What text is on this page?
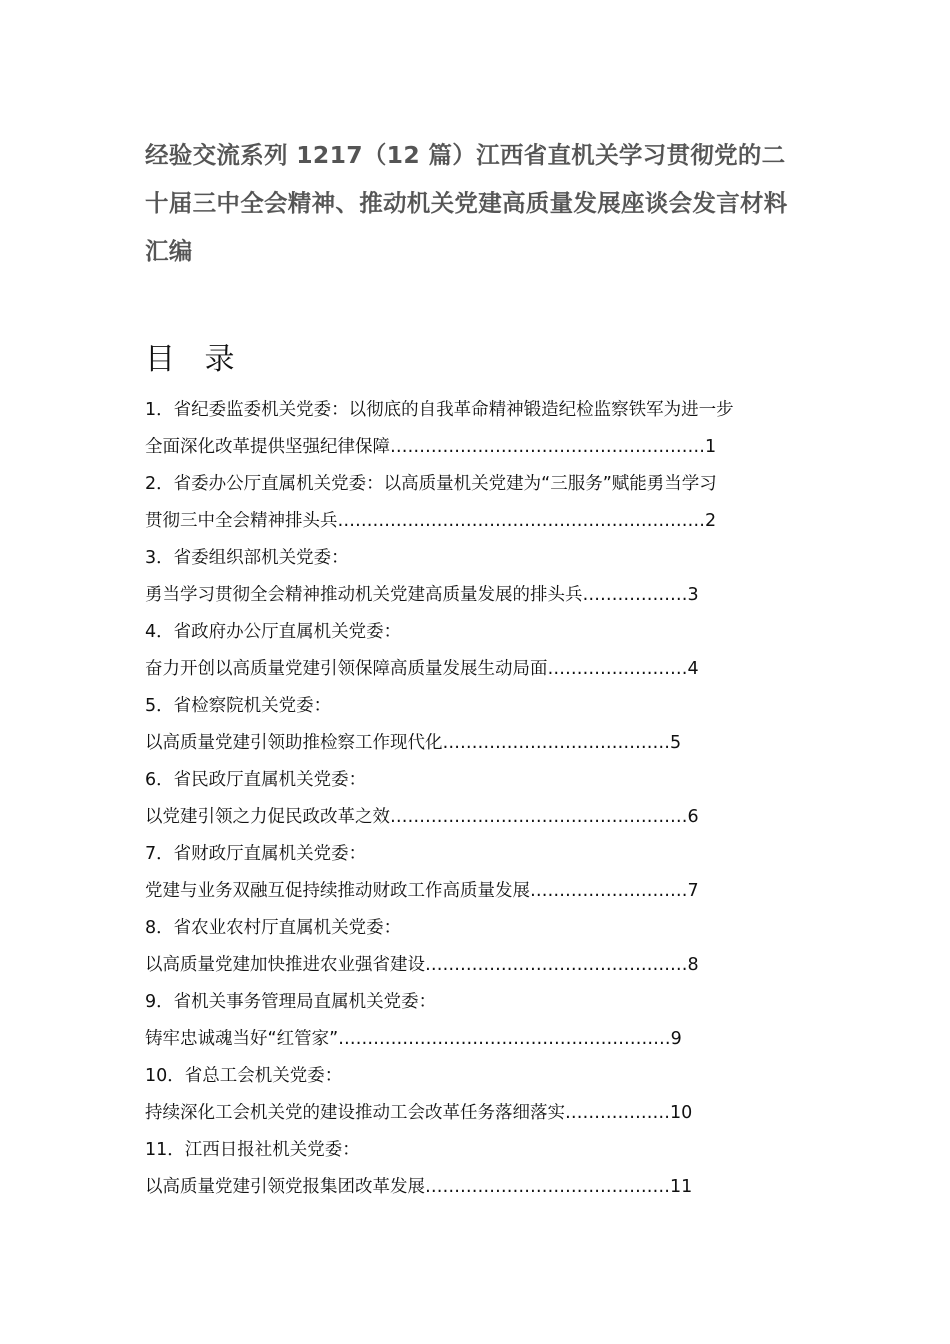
经验交流系列 1217（12 篇）江西省直机关学习贯彻党的二十届三中全会精神、推动机关党建高质量发展座谈会发言材料汇编
目 录
1．省纪委监委机关党委：以彻底的自我革命精神锻造纪检监察铁军为进一步
全面深化改革提供坚强纪律保障………………………………………………1
2．省委办公厅直属机关党委：以高质量机关党建为“三服务”赋能勇当学习
贯彻三中全会精神排头兵………………………………………………………2
3．省委组织部机关党委：
勇当学习贯彻全会精神推动机关党建高质量发展的排头兵………………3
4．省政府办公厅直属机关党委：
奋力开创以高质量党建引领保障高质量发展生动局面……………………4
5．省检察院机关党委：
以高质量党建引领助推检察工作现代化…………………………………5
6．省民政厅直属机关党委：
以党建引领之力促民政改革之效……………………………………………6
7．省财政厅直属机关党委：
党建与业务双融互促持续推动财政工作高质量发展………………………7
8．省农业农村厅直属机关党委：
以高质量党建加快推进农业强省建设………………………………………8
9．省机关事务管理局直属机关党委：
铸牢忠诚魂当好“红管家”…………………………………………………9
10．省总工会机关党委：
持续深化工会机关党的建设推动工会改革任务落细落实………………10
11．江西日报社机关党委：
以高质量党建引领党报集团改革发展……………………………………11
